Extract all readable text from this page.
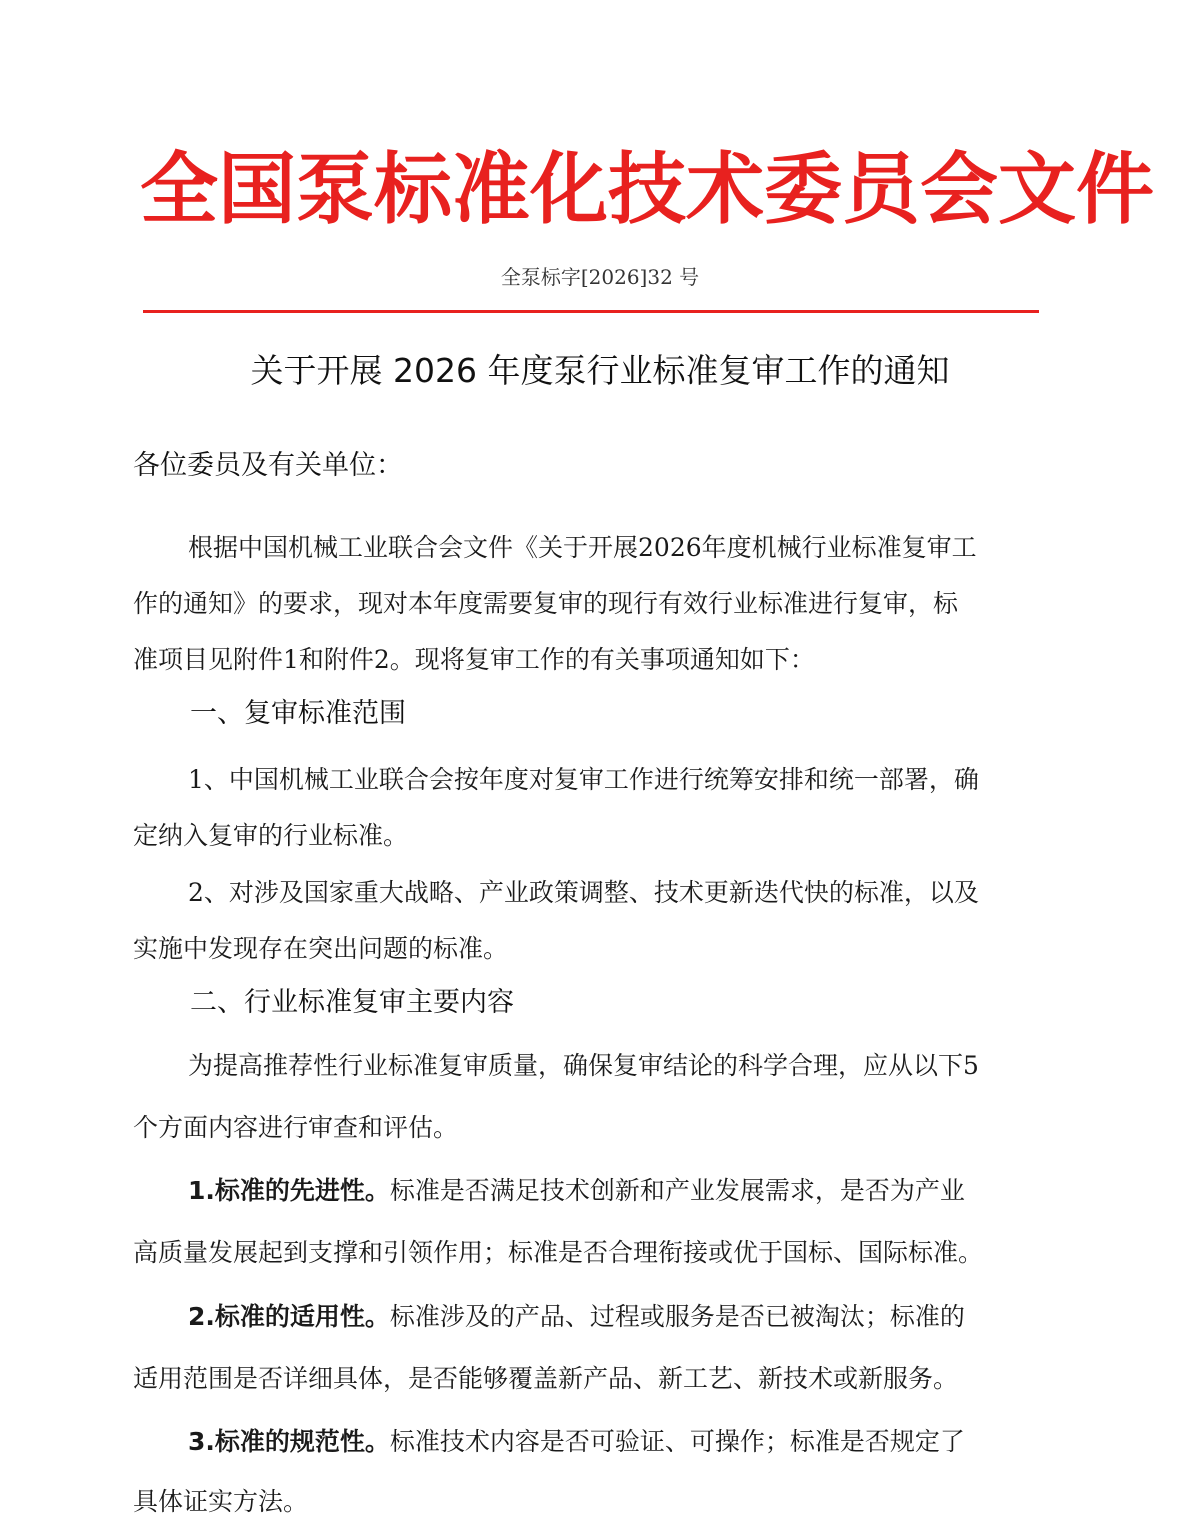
全国泵标准化技术委员会文件
全泵标字[2026]32 号
关于开展 2026 年度泵行业标准复审工作的通知
各位委员及有关单位：
根据中国机械工业联合会文件《关于开展2026年度机械行业标准复审工
作的通知》的要求，现对本年度需要复审的现行有效行业标准进行复审，标
准项目见附件1和附件2。现将复审工作的有关事项通知如下：
一、复审标准范围
1、中国机械工业联合会按年度对复审工作进行统筹安排和统一部署，确
定纳入复审的行业标准。
2、对涉及国家重大战略、产业政策调整、技术更新迭代快的标准，以及
实施中发现存在突出问题的标准。
二、行业标准复审主要内容
为提高推荐性行业标准复审质量，确保复审结论的科学合理，应从以下5
个方面内容进行审查和评估。
1.标准的先进性。标准是否满足技术创新和产业发展需求，是否为产业
高质量发展起到支撑和引领作用；标准是否合理衔接或优于国标、国际标准。
2.标准的适用性。标准涉及的产品、过程或服务是否已被淘汰；标准的
适用范围是否详细具体，是否能够覆盖新产品、新工艺、新技术或新服务。
3.标准的规范性。标准技术内容是否可验证、可操作；标准是否规定了
具体证实方法。
